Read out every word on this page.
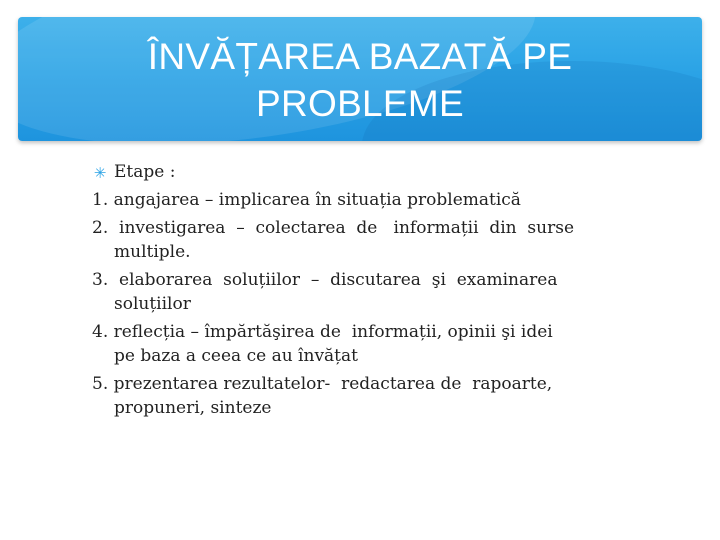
ÎNVĂȚAREA BAZATĂ PE
PROBLEME
✳ Etape :
1. angajarea – implicarea în situația problematică
2.  investigarea  –  colectarea  de   informații  din  surse
multiple.
3.  elaborarea  soluțiilor  –  discutarea  şi  examinarea
soluțiilor
4. reflecția – împărtăşirea de  informații, opinii şi idei
pe baza a ceea ce au învățat
5. prezentarea rezultatelor-  redactarea de  rapoarte,
propuneri, sinteze
